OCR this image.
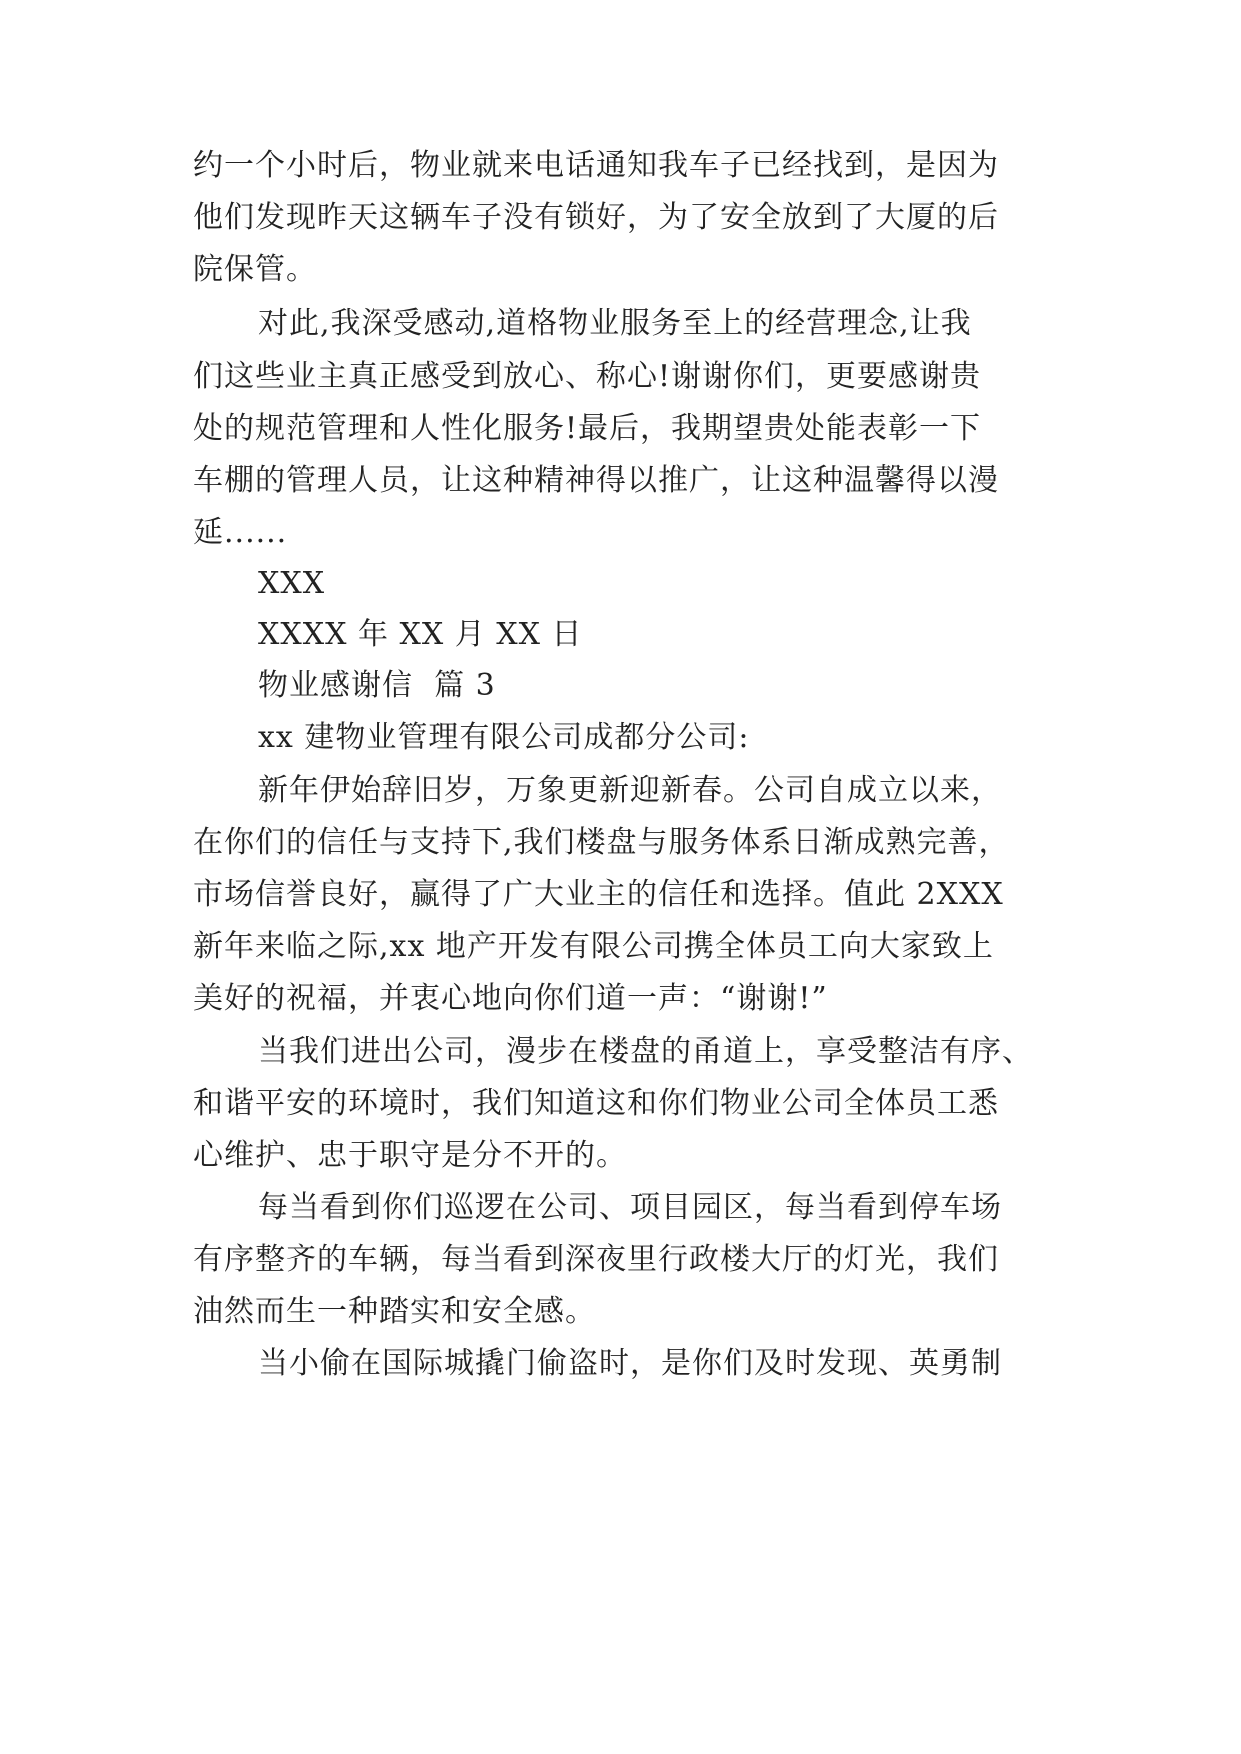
约一个小时后，物业就来电话通知我车子已经找到，是因为

他们发现昨天这辆车子没有锁好，为了安全放到了大厦的后

院保管。

对此,我深受感动,道格物业服务至上的经营理念,让我

们这些业主真正感受到放心、称心!谢谢你们，更要感谢贵

处的规范管理和人性化服务!最后，我期望贵处能表彰一下

车棚的管理人员，让这种精神得以推广，让这种温馨得以漫

延......

XXX

XXXX 年 XX 月 XX 日

物业感谢信  篇 3

xx 建物业管理有限公司成都分公司:

新年伊始辞旧岁，万象更新迎新春。公司自成立以来，

在你们的信任与支持下,我们楼盘与服务体系日渐成熟完善，

市场信誉良好，赢得了广大业主的信任和选择。值此 2XXX

新年来临之际,xx 地产开发有限公司携全体员工向大家致上

美好的祝福，并衷心地向你们道一声：“谢谢!”

当我们进出公司，漫步在楼盘的甬道上，享受整洁有序、

和谐平安的环境时，我们知道这和你们物业公司全体员工悉

心维护、忠于职守是分不开的。

每当看到你们巡逻在公司、项目园区，每当看到停车场

有序整齐的车辆，每当看到深夜里行政楼大厅的灯光，我们

油然而生一种踏实和安全感。

当小偷在国际城撬门偷盗时，是你们及时发现、英勇制
